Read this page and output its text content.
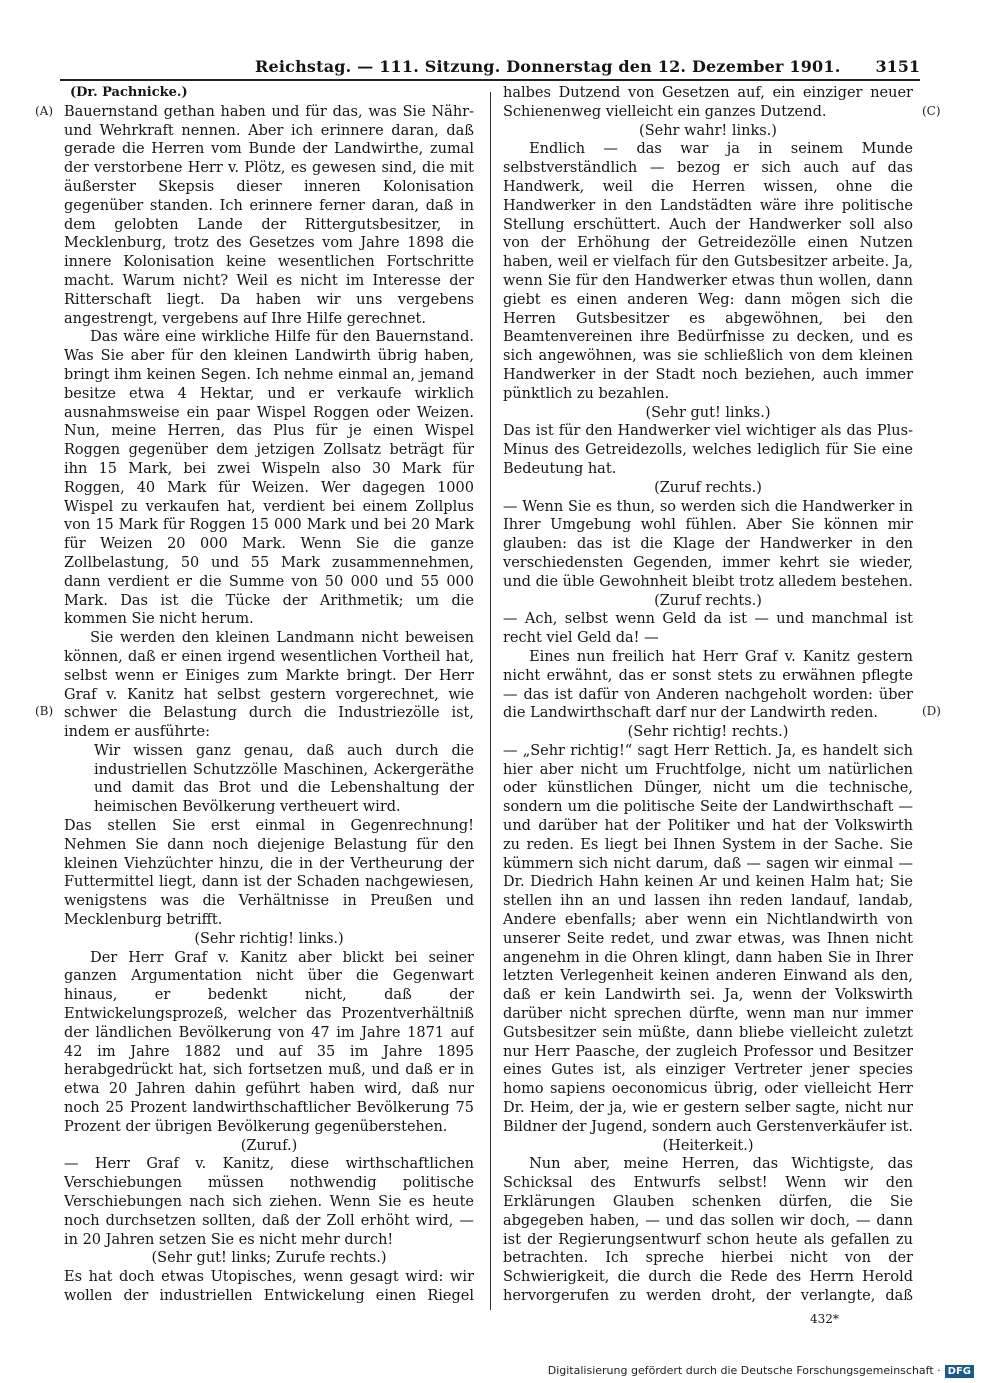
Reichstag. — 111. Sitzung. Donnerstag den 12. Dezember 1901. 3151
(A)
(B)
(C)
(D)

(Dr. Pachnicke.)

Bauernstand gethan haben und für das, was Sie Nähr- und Wehrkraft nennen. Aber ich erinnere daran, daß gerade die Herren vom Bunde der Landwirthe, zumal der verstorbene Herr v. Plötz, es gewesen sind, die mit äußerster Skepsis dieser inneren Kolonisation gegenüber standen. Ich erinnere ferner daran, daß in dem gelobten Lande der Rittergutsbesitzer, in Mecklenburg, trotz des Gesetzes vom Jahre 1898 die innere Kolonisation keine wesentlichen Fortschritte macht. Warum nicht? Weil es nicht im Interesse der Ritterschaft liegt. Da haben wir uns vergebens angestrengt, vergebens auf Ihre Hilfe gerechnet.

Das wäre eine wirkliche Hilfe für den Bauernstand. Was Sie aber für den kleinen Landwirth übrig haben, bringt ihm keinen Segen. Ich nehme einmal an, jemand besitze etwa 4 Hektar, und er verkaufe wirklich ausnahmsweise ein paar Wispel Roggen oder Weizen. Nun, meine Herren, das Plus für je einen Wispel Roggen gegenüber dem jetzigen Zollsatz beträgt für ihn 15 Mark, bei zwei Wispeln also 30 Mark für Roggen, 40 Mark für Weizen. Wer dagegen 1000 Wispel zu verkaufen hat, verdient bei einem Zollplus von 15 Mark für Roggen 15 000 Mark und bei 20 Mark für Weizen 20 000 Mark. Wenn Sie die ganze Zollbelastung, 50 und 55 Mark zusammennehmen, dann verdient er die Summe von 50 000 und 55 000 Mark. Das ist die Tücke der Arithmetik; um die kommen Sie nicht herum.

Sie werden den kleinen Landmann nicht beweisen können, daß er einen irgend wesentlichen Vortheil hat, selbst wenn er Einiges zum Markte bringt. Der Herr Graf v. Kanitz hat selbst gestern vorgerechnet, wie schwer die Belastung durch die Industriezölle ist, indem er ausführte:

Wir wissen ganz genau, daß auch durch die industriellen Schutzzölle Maschinen, Ackergeräthe und damit das Brot und die Lebenshaltung der heimischen Bevölkerung vertheuert wird.

Das stellen Sie erst einmal in Gegenrechnung! Nehmen Sie dann noch diejenige Belastung für den kleinen Viehzüchter hinzu, die in der Vertheurung der Futtermittel liegt, dann ist der Schaden nachgewiesen, wenigstens was die Verhältnisse in Preußen und Mecklenburg betrifft.

(Sehr richtig! links.)

Der Herr Graf v. Kanitz aber blickt bei seiner ganzen Argumentation nicht über die Gegenwart hinaus, er bedenkt nicht, daß der Entwickelungsprozeß, welcher das Prozentverhältniß der ländlichen Bevölkerung von 47 im Jahre 1871 auf 42 im Jahre 1882 und auf 35 im Jahre 1895 herabgedrückt hat, sich fortsetzen muß, und daß er in etwa 20 Jahren dahin geführt haben wird, daß nur noch 25 Prozent landwirthschaftlicher Bevölkerung 75 Prozent der übrigen Bevölkerung gegenüberstehen.

(Zuruf.)

— Herr Graf v. Kanitz, diese wirthschaftlichen Verschiebungen müssen nothwendig politische Verschiebungen nach sich ziehen. Wenn Sie es heute noch durchsetzen sollten, daß der Zoll erhöht wird, — in 20 Jahren setzen Sie es nicht mehr durch!

(Sehr gut! links; Zurufe rechts.)

Es hat doch etwas Utopisches, wenn gesagt wird: wir wollen der industriellen Entwickelung einen Riegel

halbes Dutzend von Gesetzen auf, ein einziger neuer Schienenweg vielleicht ein ganzes Dutzend.

(Sehr wahr! links.)

Endlich — das war ja in seinem Munde selbstverständlich — bezog er sich auch auf das Handwerk, weil die Herren wissen, ohne die Handwerker in den Landstädten wäre ihre politische Stellung erschüttert. Auch der Handwerker soll also von der Erhöhung der Getreidezölle einen Nutzen haben, weil er vielfach für den Gutsbesitzer arbeite. Ja, wenn Sie für den Handwerker etwas thun wollen, dann giebt es einen anderen Weg: dann mögen sich die Herren Gutsbesitzer es abgewöhnen, bei den Beamtenvereinen ihre Bedürfnisse zu decken, und es sich angewöhnen, was sie schließlich von dem kleinen Handwerker in der Stadt noch beziehen, auch immer pünktlich zu bezahlen.

(Sehr gut! links.)

Das ist für den Handwerker viel wichtiger als das Plus-Minus des Getreidezolls, welches lediglich für Sie eine Bedeutung hat.

(Zuruf rechts.)

— Wenn Sie es thun, so werden sich die Handwerker in Ihrer Umgebung wohl fühlen. Aber Sie können mir glauben: das ist die Klage der Handwerker in den verschiedensten Gegenden, immer kehrt sie wieder, und die üble Gewohnheit bleibt trotz alledem bestehen.

(Zuruf rechts.)

— Ach, selbst wenn Geld da ist — und manchmal ist recht viel Geld da! —

Eines nun freilich hat Herr Graf v. Kanitz gestern nicht erwähnt, das er sonst stets zu erwähnen pflegte — das ist dafür von Anderen nachgeholt worden: über die Landwirthschaft darf nur der Landwirth reden.

(Sehr richtig! rechts.)

— „Sehr richtig!“ sagt Herr Rettich. Ja, es handelt sich hier aber nicht um Fruchtfolge, nicht um natürlichen oder künstlichen Dünger, nicht um die technische, sondern um die politische Seite der Landwirthschaft — und darüber hat der Politiker und hat der Volkswirth zu reden. Es liegt bei Ihnen System in der Sache. Sie kümmern sich nicht darum, daß — sagen wir einmal — Dr. Diedrich Hahn keinen Ar und keinen Halm hat; Sie stellen ihn an und lassen ihn reden landauf, landab, Andere ebenfalls; aber wenn ein Nichtlandwirth von unserer Seite redet, und zwar etwas, was Ihnen nicht angenehm in die Ohren klingt, dann haben Sie in Ihrer letzten Verlegenheit keinen anderen Einwand als den, daß er kein Landwirth sei. Ja, wenn der Volkswirth darüber nicht sprechen dürfte, wenn man nur immer Gutsbesitzer sein müßte, dann bliebe vielleicht zuletzt nur Herr Paasche, der zugleich Professor und Besitzer eines Gutes ist, als einziger Vertreter jener species homo sapiens oeconomicus übrig, oder vielleicht Herr Dr. Heim, der ja, wie er gestern selber sagte, nicht nur Bildner der Jugend, sondern auch Gerstenverkäufer ist.

(Heiterkeit.)

Nun aber, meine Herren, das Wichtigste, das Schicksal des Entwurfs selbst! Wenn wir den Erklärungen Glauben schenken dürfen, die Sie abgegeben haben, — und das sollen wir doch, — dann ist der Regierungsentwurf schon heute als gefallen zu betrachten. Ich spreche hierbei nicht von der Schwierigkeit, die durch die Rede des Herrn Herold hervorgerufen zu werden droht, der verlangte, daß

432*
Digitalisierung gefördert durch die Deutsche Forschungsgemeinschaft · DFG
